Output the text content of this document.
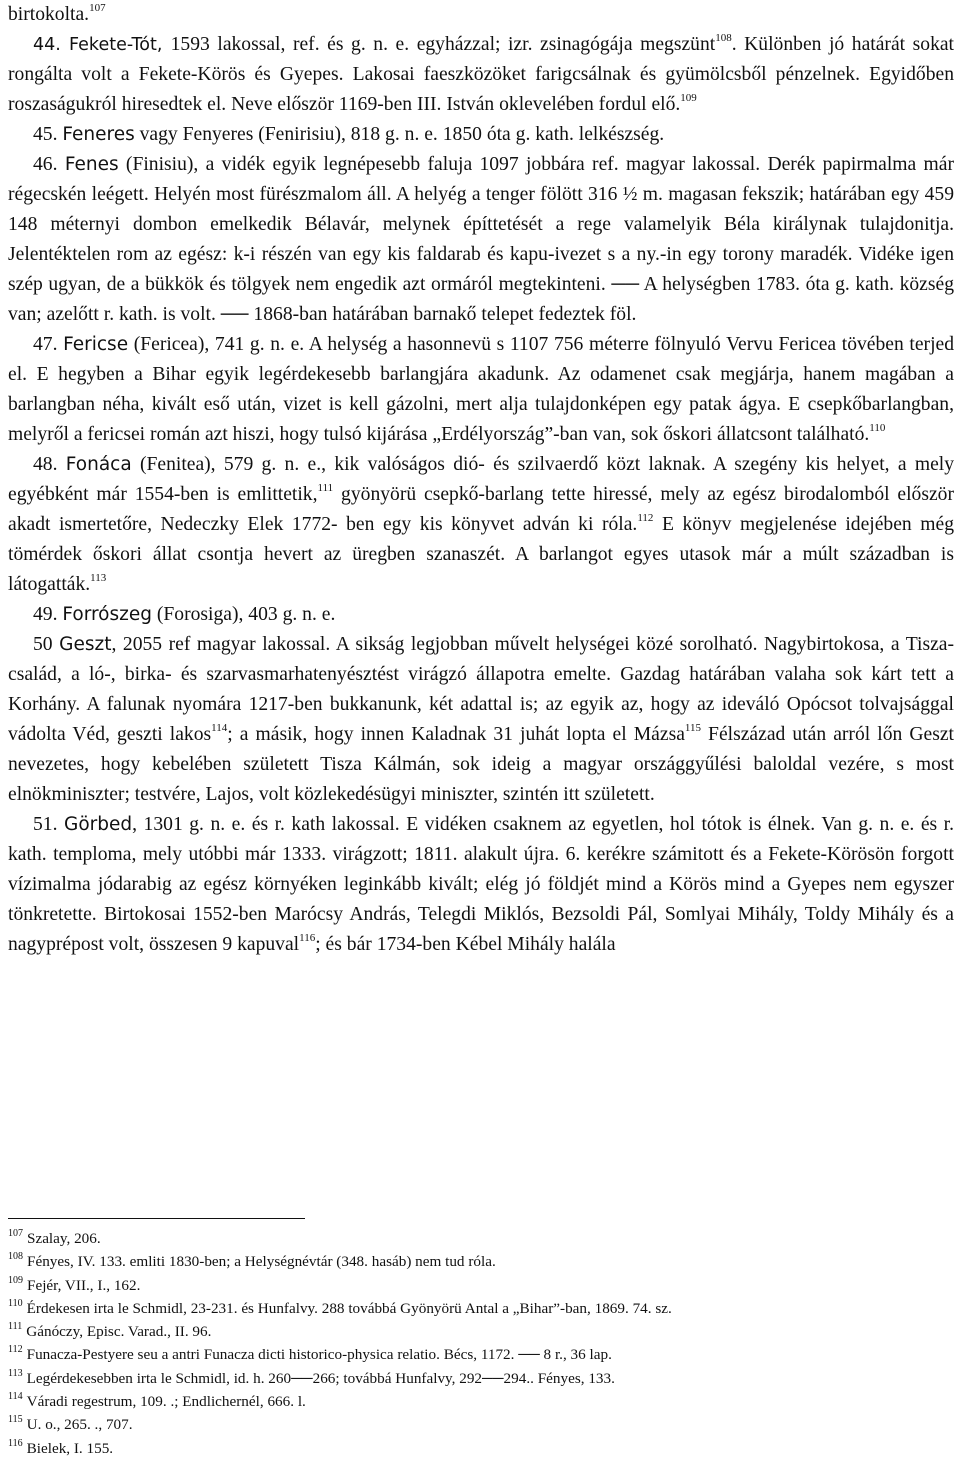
birtokolta.$^{107}$

44. Fekete-Tót, 1593 lakossal, ref. és g. n. e. egyházzal; izr. zsinagógája megszünt$^{108}$. Különben jó határát sokat rongálta volt a Fekete-Körös és Gyepes. Lakosai faeszközöket farigcsálnak és gyümölcsből pénzelnek. Egyidőben roszaságukról hiresedtek el. Neve először 1169-ben III. István oklevelében fordul elő.$^{109}$

45. Feneres vagy Fenyeres (Fenirisiu), 818 g. n. e. 1850 óta g. kath. lelkészség.

46. Fenes (Finisiu), a vidék egyik legnépesebb faluja 1097 jobbára ref. magyar lakossal. Derék papirmalma már régecskén leégett. Helyén most fürészmalom áll. A helyég a tenger fölött 316 ½ m. magasan fekszik; határában egy 459 148 méternyi dombon emelkedik Bélavár, melynek építtetését a rege valamelyik Béla királynak tulajdonitja. Jelentéktelen rom az egész: k-i részén van egy kis faldarab és kapu-ivezet s a ny.-in egy torony maradék. Vidéke igen szép ugyan, de a bükkök és tölgyek nem engedik azt ormáról megtekinteni. ── A helységben 1783. óta g. kath. község van; azelőtt r. kath. is volt. ── 1868-ban határában barnakő telepet fedeztek föl.

47. Fericse (Fericea), 741 g. n. e. A helység a hasonnevü s 1107 756 méterre fölnyuló Vervu Fericea tövében terjed el. E hegyben a Bihar egyik legérdekesebb barlangjára akadunk. Az odamenet csak megjárja, hanem magában a barlangban néha, kivált eső után, vizet is kell gázolni, mert alja tulajdonképen egy patak ágya. E csepkőbarlangban, melyről a fericsei román azt hiszi, hogy tulsó kijárása „Erdélyország”-ban van, sok őskori állatcsont található.$^{110}$

48. Fonáca (Fenitea), 579 g. n. e., kik valóságos dió- és szilvaerdő közt laknak. A szegény kis helyet, a mely egyébként már 1554-ben is emlittetik,$^{111}$ gyönyörü csepkő-barlang tette hiressé, mely az egész birodalomból először akadt ismertetőre, Nedeczky Elek 1772- ben egy kis könyvet adván ki róla.$^{112}$ E könyv megjelenése idejében még tömérdek őskori állat csontja hevert az üregben szanaszét. A barlangot egyes utasok már a múlt században is látogatták.$^{113}$

49. Forrószeg (Forosiga), 403 g. n. e.

50 Geszt, 2055 ref magyar lakossal. A sikság legjobban művelt helységei közé sorolható. Nagybirtokosa, a Tisza-család, a ló-, birka- és szarvasmarhatenyésztést virágzó állapotra emelte. Gazdag határában valaha sok kárt tett a Korhány. A falunak nyomára 1217-ben bukkanunk, két adattal is; az egyik az, hogy az ideváló Opócsot tolvajsággal vádolta Véd, geszti lakos$^{114}$; a másik, hogy innen Kaladnak 31 juhát lopta el Mázsa$^{115}$ Félszázad után arról lőn Geszt nevezetes, hogy kebelében született Tisza Kálmán, sok ideig a magyar országgyűlési baloldal vezére, s most elnökminiszter; testvére, Lajos, volt közlekedésügyi miniszter, szintén itt született.

51. Görbed, 1301 g. n. e. és r. kath lakossal. E vidéken csaknem az egyetlen, hol tótok is élnek. Van g. n. e. és r. kath. temploma, mely utóbbi már 1333. virágzott; 1811. alakult újra. 6. kerékre számitott és a Fekete-Körösön forgott vízimalma jódarabig az egész környéken leginkább kivált; elég jó földjét mind a Körös mind a Gyepes nem egyszer tönkretette. Birtokosai 1552-ben Marócsy András, Telegdi Miklós, Bezsoldi Pál, Somlyai Mihály, Toldy Mihály és a nagyprépost volt, összesen 9 kapuval$^{116}$; és bár 1734-ben Kébel Mihály halála

$^{107}$ Szalay, 206.
$^{108}$ Fényes, IV. 133. emliti 1830-ben; a Helységnévtár (348. hasáb) nem tud róla.
$^{109}$ Fejér, VII., I., 162.
$^{110}$ Érdekesen irta le Schmidl, 23-231. és Hunfalvy. 288 továbbá Gyönyörü Antal a „Bihar”-ban, 1869. 74. sz.
$^{111}$ Gánóczy, Episc. Varad., II. 96.
$^{112}$ Funacza-Pestyere seu a antri Funacza dicti historico-physica relatio. Bécs, 1172. ── 8 r., 36 lap.
$^{113}$ Legérdekesebben irta le Schmidl, id. h. 260──266; továbbá Hunfalvy, 292──294.. Fényes, 133.
$^{114}$ Váradi regestrum, 109. .; Endlichernél, 666. l.
$^{115}$ U. o., 265. ., 707.
$^{116}$ Bielek, I. 155.
